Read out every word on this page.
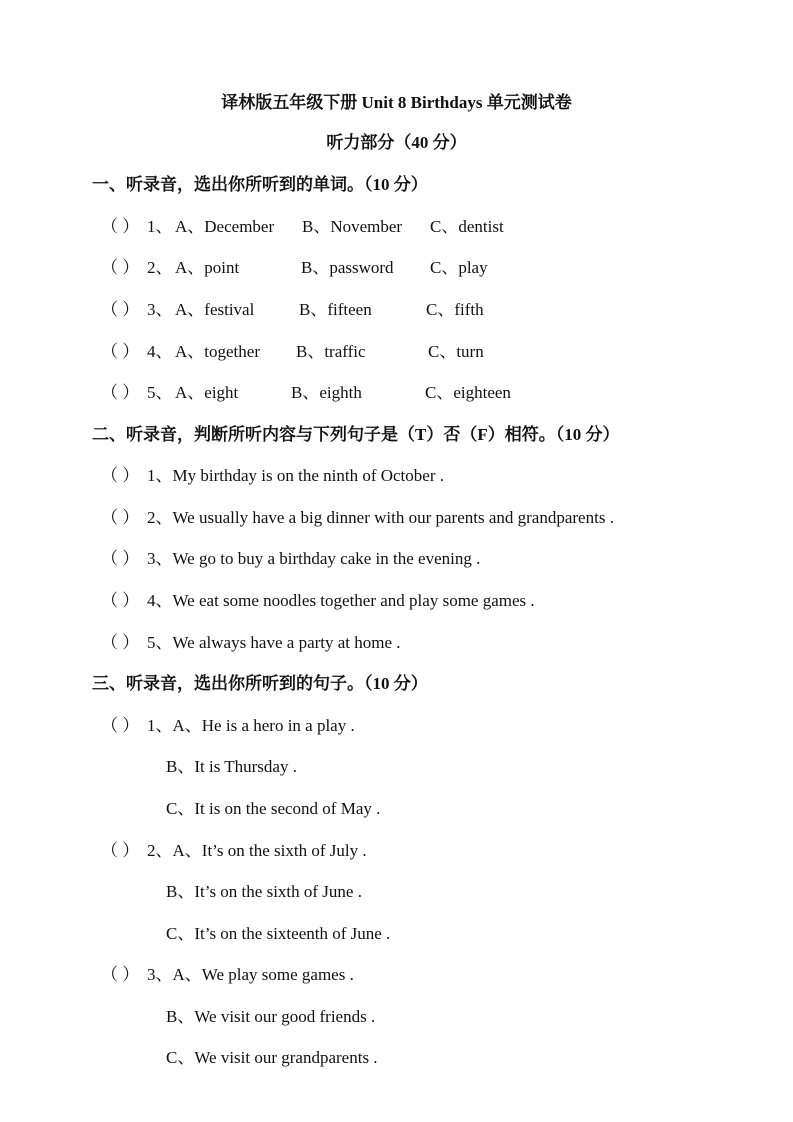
译林版五年级下册 Unit 8 Birthdays 单元测试卷
听力部分（40 分）
一、听录音，选出你所听到的单词。（10 分）
（ ） 1、 A、December B、November C、dentist
（ ） 2、 A、point	B、password C、play
（ ） 3、 A、festival	B、fifteen	C、fifth
（ ） 4、 A、together B、traffic	C、turn
（ ） 5、 A、eight	B、eighth	C、eighteen
二、听录音，判断所听内容与下列句子是（T）否（F）相符。（10 分）
（ ） 1、My birthday is on the ninth of October .
（ ） 2、We usually have a big dinner with our parents and grandparents .
（ ） 3、We go to buy a birthday cake in the evening .
（ ） 4、We eat some noodles together and play some games .
（ ） 5、We always have a party at home .
三、听录音，选出你所听到的句子。（10 分）
（ ） 1、A、He is a hero in a play .
B、It is Thursday .
C、It is on the second of May .
（ ） 2、A、It’s on the sixth of July .
B、It’s on the sixth of June .
C、It’s on the sixteenth of June .
（ ） 3、A、We play some games .
B、We visit our good friends .
C、We visit our grandparents .
